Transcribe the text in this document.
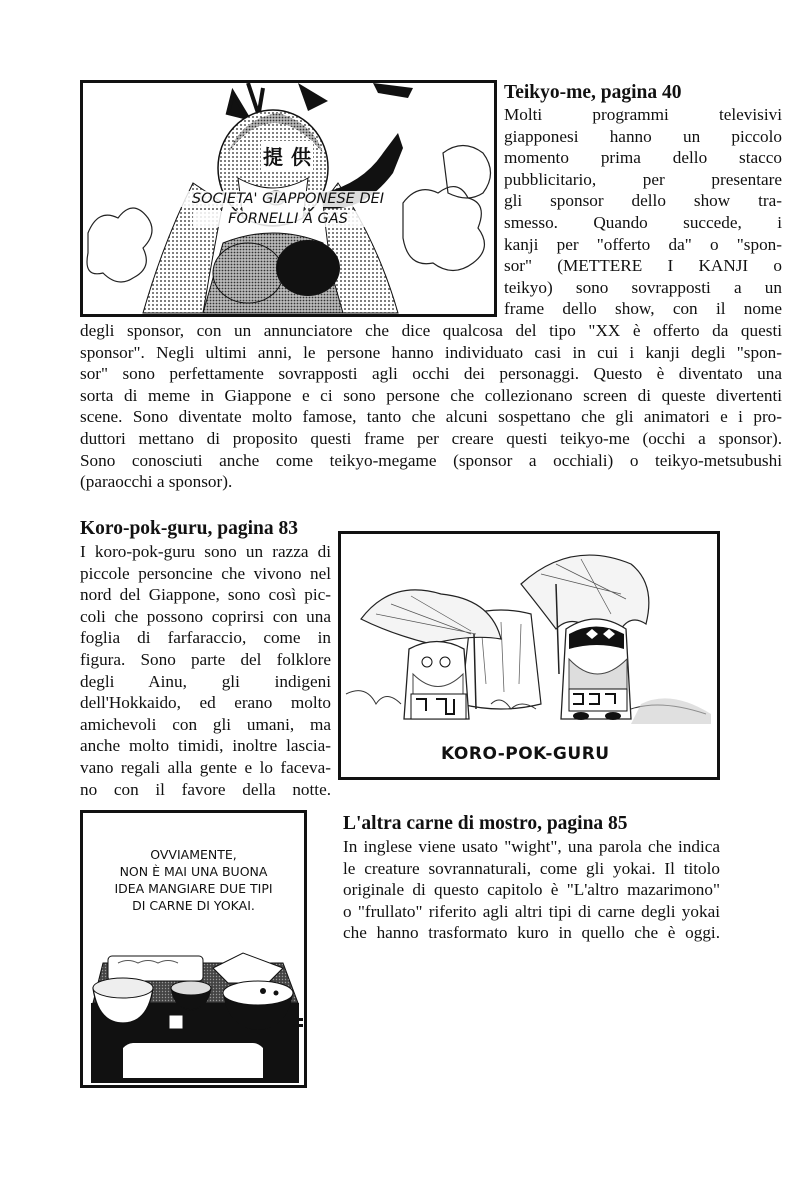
提 供
SOCIETA' GIAPPONESE DEI
FORNELLI À GAS
Teikyo-me, pagina 40
Molti programmi televisivi
giapponesi hanno un piccolo
momento prima dello stacco
pubblicitario, per presentare
gli sponsor dello show tra-
smesso. Quando succede, i
kanji per "offerto da" o "spon-
sor" (METTERE I KANJI o
teikyo) sono sovrapposti a un
frame dello show, con il nome
degli sponsor, con un annunciatore che dice qualcosa del tipo "XX è offerto da questi
sponsor". Negli ultimi anni, le persone hanno individuato casi in cui i kanji degli "spon-
sor" sono perfettamente sovrapposti agli occhi dei personaggi. Questo è diventato una
sorta di meme in Giappone e ci sono persone che collezionano screen di queste divertenti
scene. Sono diventate molto famose, tanto che alcuni sospettano che gli animatori e i pro-
duttori mettano di proposito questi frame per creare questi teikyo-me (occhi a sponsor).
Sono conosciuti anche come teikyo-megame (sponsor a occhiali) o teikyo-metsubushi
(paraocchi a sponsor).
Koro-pok-guru, pagina 83
I koro-pok-guru sono un razza di
piccole personcine che vivono nel
nord del Giappone, sono così pic-
coli che possono coprirsi con una
foglia di farfaraccio, come in
figura. Sono parte del folklore
degli Ainu, gli indigeni
dell'Hokkaido, ed erano molto
amichevoli con gli umani, ma
anche molto timidi, inoltre lascia-
vano regali alla gente e lo faceva-
no con il favore della notte.
KORO-POK-GURU
OVVIAMENTE,
NON È MAI UNA BUONA
IDEA MANGIARE DUE TIPI
DI CARNE DI YOKAI.
L'altra carne di mostro, pagina 85
In inglese viene usato "wight", una parola che indica
le creature sovrannaturali, come gli yokai. Il titolo
originale di questo capitolo è "L'altro mazarimono"
o "frullato" riferito agli altri tipi di carne degli yokai
che hanno trasformato kuro in quello che è oggi.
